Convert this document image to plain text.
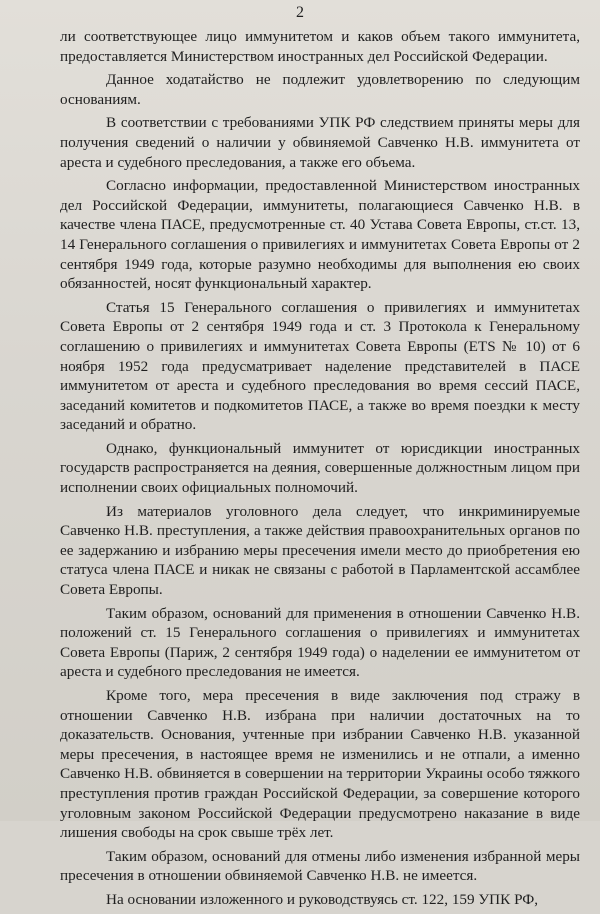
2

ли соответствующее лицо иммунитетом и каков объем такого иммунитета, предоставляется Министерством иностранных дел Российской Федерации.

Данное ходатайство не подлежит удовлетворению по следующим основаниям.

В соответствии с требованиями УПК РФ следствием приняты меры для получения сведений о наличии у обвиняемой Савченко Н.В. иммунитета от ареста и судебного преследования, а также его объема.

Согласно информации, предоставленной Министерством иностранных дел Российской Федерации, иммунитеты, полагающиеся Савченко Н.В. в качестве члена ПАСЕ, предусмотренные ст. 40 Устава Совета Европы, ст.ст. 13, 14 Генерального соглашения о привилегиях и иммунитетах Совета Европы от 2 сентября 1949 года, которые разумно необходимы для выполнения ею своих обязанностей, носят функциональный характер.

Статья 15 Генерального соглашения о привилегиях и иммунитетах Совета Европы от 2 сентября 1949 года и ст. 3 Протокола к Генеральному соглашению о привилегиях и иммунитетах Совета Европы (ETS № 10) от 6 ноября 1952 года предусматривает наделение представителей в ПАСЕ иммунитетом от ареста и судебного преследования во время сессий ПАСЕ, заседаний комитетов и подкомитетов ПАСЕ, а также во время поездки к месту заседаний и обратно.

Однако, функциональный иммунитет от юрисдикции иностранных государств распространяется на деяния, совершенные должностным лицом при исполнении своих официальных полномочий.

Из материалов уголовного дела следует, что инкриминируемые Савченко Н.В. преступления, а также действия правоохранительных органов по ее задержанию и избранию меры пресечения имели место до приобретения ею статуса члена ПАСЕ и никак не связаны с работой в Парламентской ассамблее Совета Европы.

Таким образом, оснований для применения в отношении Савченко Н.В. положений ст. 15 Генерального соглашения о привилегиях и иммунитетах Совета Европы (Париж, 2 сентября 1949 года) о наделении ее иммунитетом от ареста и судебного преследования не имеется.

Кроме того, мера пресечения в виде заключения под стражу в отношении Савченко Н.В. избрана при наличии достаточных на то доказательств. Основания, учтенные при избрании Савченко Н.В. указанной меры пресечения, в настоящее время не изменились и не отпали, а именно Савченко Н.В. обвиняется в совершении на территории Украины особо тяжкого преступления против граждан Российской Федерации, за совершение которого уголовным законом Российской Федерации предусмотрено наказание в виде лишения свободы на срок свыше трёх лет.

Таким образом, оснований для отмены либо изменения избранной меры пресечения в отношении обвиняемой Савченко Н.В. не имеется.

На основании изложенного и руководствуясь ст. 122, 159 УПК РФ,
